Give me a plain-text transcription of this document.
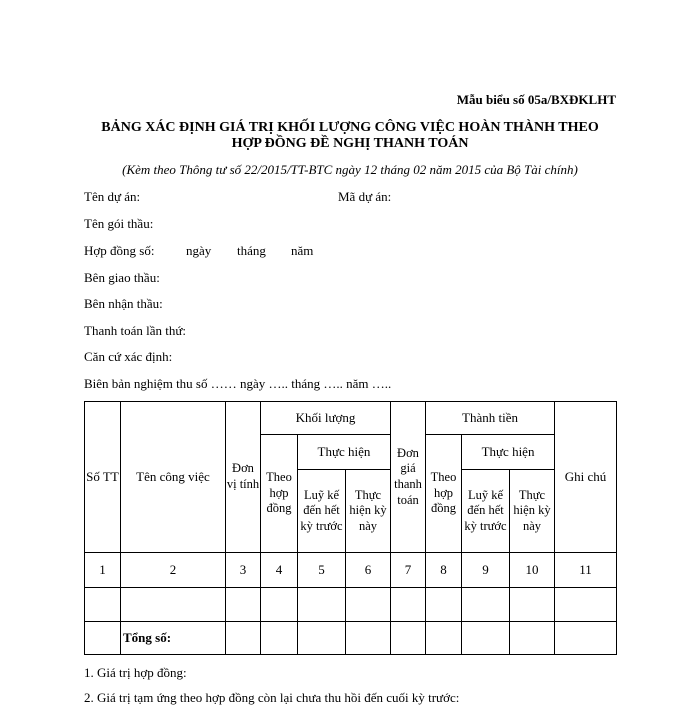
Mẫu biểu số 05a/BXĐKLHT
BẢNG XÁC ĐỊNH GIÁ TRỊ KHỐI LƯỢNG CÔNG VIỆC HOÀN THÀNH THEO
HỢP ĐỒNG ĐỀ NGHỊ THANH TOÁN
(Kèm theo Thông tư số 22/2015/TT-BTC ngày 12 tháng 02 năm 2015 của Bộ Tài chính)
Tên dự án:	Mã dự án:
Tên gói thầu:
Hợp đồng số: ngày tháng năm
Bên giao thầu:
Bên nhận thầu:
Thanh toán lần thứ:
Căn cứ xác định:
Biên bản nghiệm thu số …… ngày ….. tháng ….. năm …..
Số TT	Tên công việc	Đơn vị tính	Khối lượng			Đơn giá thanh toán	Thành tiền			Ghi chú
			Theo hợp đồng	Thực hiện			Theo hợp đồng	Thực hiện		
				Luỹ kế đến hết kỳ trước	Thực hiện kỳ này			Luỹ kế đến hết kỳ trước	Thực hiện kỳ này	
1	2	3	4	5	6	7	8	9	10	11

	Tổng số:									
1. Giá trị hợp đồng:
2. Giá trị tạm ứng theo hợp đồng còn lại chưa thu hồi đến cuối kỳ trước:
